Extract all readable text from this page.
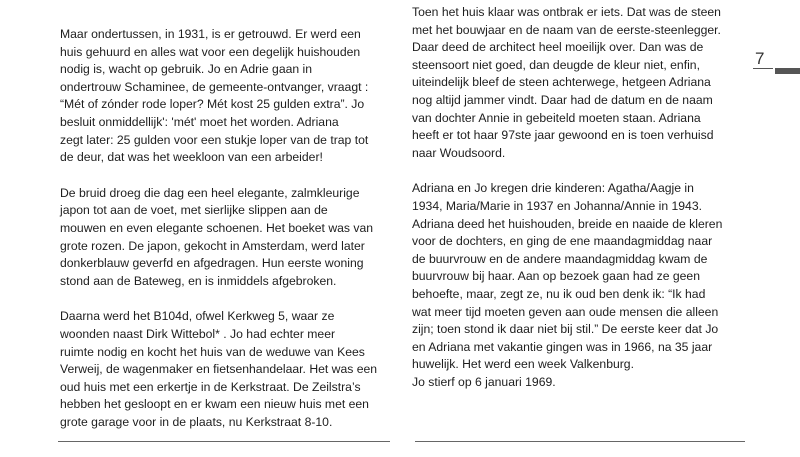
Maar ondertussen, in 1931, is er getrouwd. Er werd een
huis gehuurd en alles wat voor een degelijk huishouden
nodig is, wacht op gebruik. Jo en Adrie gaan in
ondertrouw Schaminee, de gemeente-ontvanger, vraagt :
“Mét of zónder rode loper? Mét kost 25 gulden extra”. Jo
besluit onmiddellijk': 'mét' moet het worden. Adriana
zegt later: 25 gulden voor een stukje loper van de trap tot
de deur, dat was het weekloon van een arbeider!

De bruid droeg die dag een heel elegante, zalmkleurige
japon tot aan de voet, met sierlijke slippen aan de
mouwen en even elegante schoenen. Het boeket was van
grote rozen. De japon, gekocht in Amsterdam, werd later
donkerblauw geverfd en afgedragen. Hun eerste woning
stond aan de Bateweg, en is inmiddels afgebroken.

Daarna werd het B104d, ofwel Kerkweg 5, waar ze
woonden naast Dirk Wittebol* . Jo had echter meer
ruimte nodig en kocht het huis van de weduwe van Kees
Verweij, de wagenmaker en fietsenhandelaar. Het was een
oud huis met een erkertje in de Kerkstraat. De Zeilstra’s
hebben het gesloopt en er kwam een nieuw huis met een
grote garage voor in de plaats, nu Kerkstraat 8-10.

Toen het huis klaar was ontbrak er iets. Dat was de steen
met het bouwjaar en de naam van de eerste-steenlegger.
Daar deed de architect heel moeilijk over. Dan was de
steensoort niet goed, dan deugde de kleur niet, enfin,
uiteindelijk bleef de steen achterwege, hetgeen Adriana
nog altijd jammer vindt. Daar had de datum en de naam
van dochter Annie in gebeiteld moeten staan. Adriana
heeft er tot haar 97ste jaar gewoond en is toen verhuisd
naar Woudsoord.

Adriana en Jo kregen drie kinderen: Agatha/Aagje in
1934, Maria/Marie in 1937 en Johanna/Annie in 1943.
Adriana deed het huishouden, breide en naaide de kleren
voor de dochters, en ging de ene maandagmiddag naar
de buurvrouw en de andere maandagmiddag kwam de
buurvrouw bij haar. Aan op bezoek gaan had ze geen
behoefte, maar, zegt ze, nu ik oud ben denk ik: “Ik had
wat meer tijd moeten geven aan oude mensen die alleen
zijn; toen stond ik daar niet bij stil.” De eerste keer dat Jo
en Adriana met vakantie gingen was in 1966, na 35 jaar
huwelijk. Het werd een week Valkenburg.
Jo stierf op 6 januari 1969.

7
